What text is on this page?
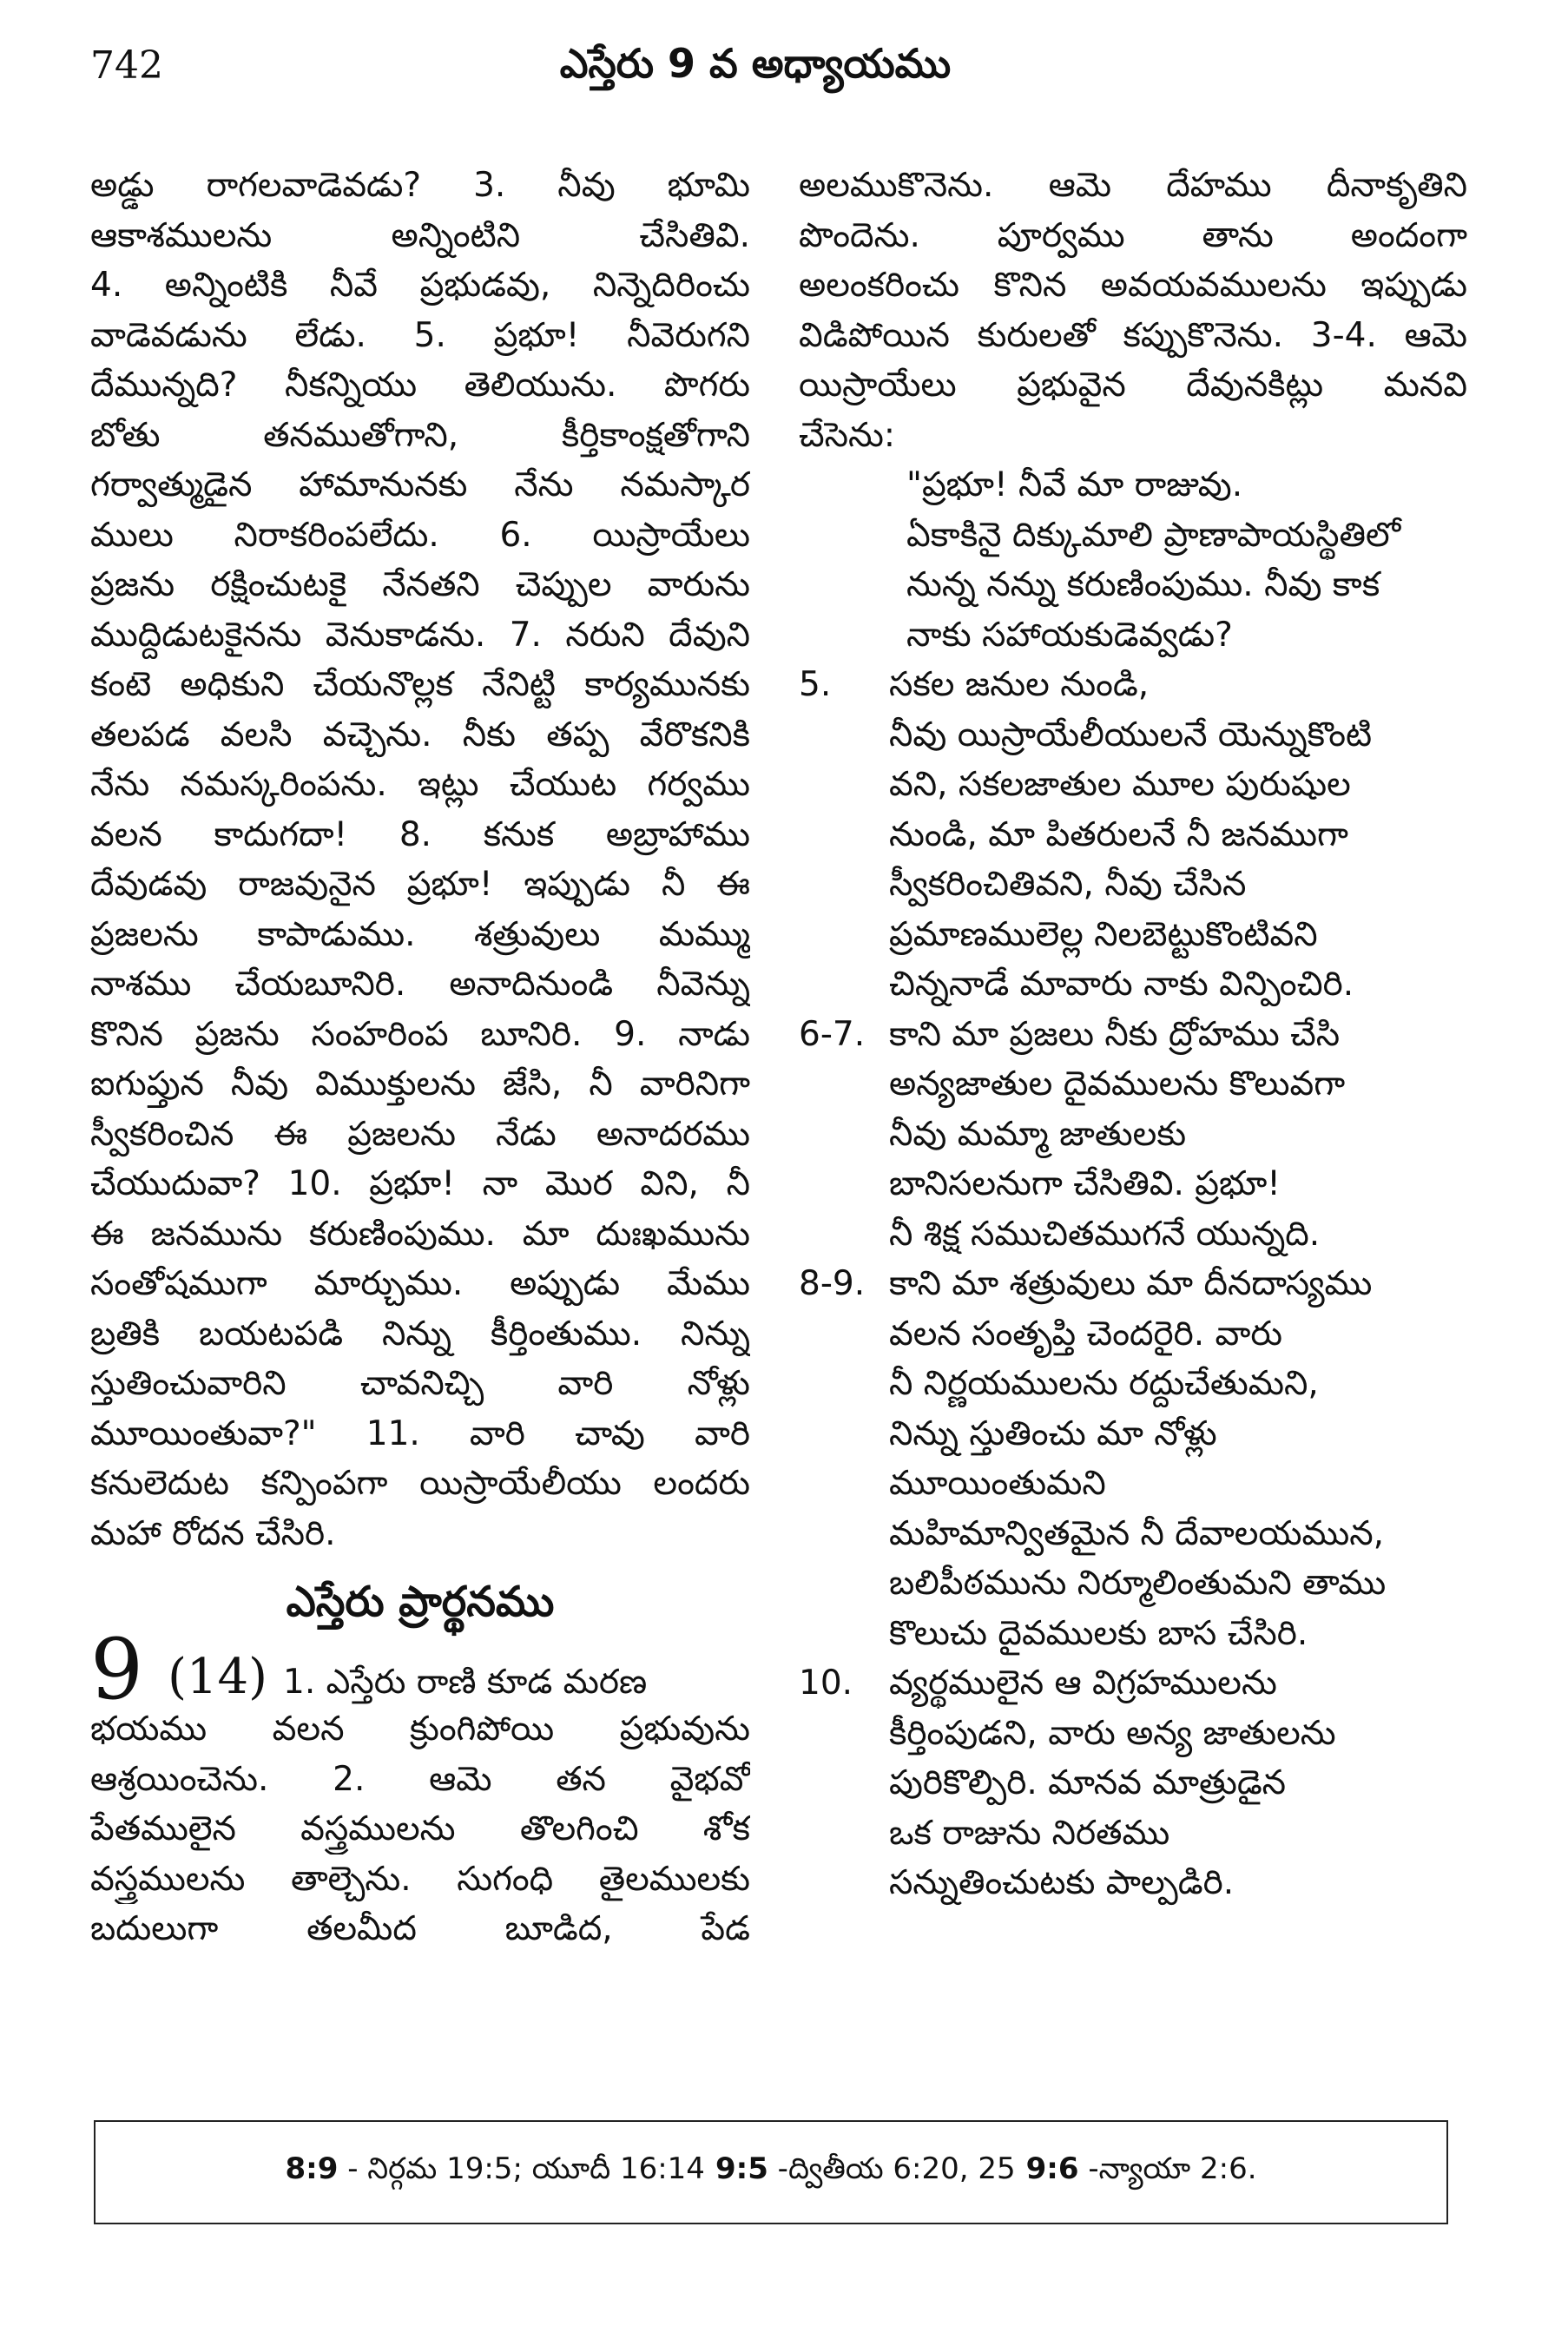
742	ఎస్తేరు 9 వ అధ్యాయము
అడ్డు రాగలవాడెవడు? 3. నీవు భూమి
ఆకాశములను అన్నింటిని చేసితివి.
4. అన్నింటికి నీవే ప్రభుడవు, నిన్నెదిరించు
వాడెవడును లేడు. 5. ప్రభూ! నీవెరుగని
దేమున్నది? నీకన్నియు తెలియును. పొగరు
బోతు తనముతోగాని, కీర్తికాంక్షతోగాని
గర్వాత్ముడైన హామానునకు నేను నమస్కార
ములు నిరాకరింపలేదు. 6. యిస్రాయేలు
ప్రజను రక్షించుటకై నేనతని చెప్పుల వారును
ముద్దిడుటకైనను వెనుకాడను. 7. నరుని దేవుని
కంటె అధికుని చేయనొల్లక నేనిట్టి కార్యమునకు
తలపడ వలసి వచ్చెను. నీకు తప్ప వేరొకనికి
నేను నమస్కరింపను. ఇట్లు చేయుట గర్వము
వలన కాదుగదా! 8. కనుక అబ్రాహాము
దేవుడవు రాజవునైన ప్రభూ! ఇప్పుడు నీ ఈ
ప్రజలను కాపాడుము. శత్రువులు మమ్ము
నాశము చేయబూనిరి. అనాదినుండి నీవెన్ను
కొనిన ప్రజను సంహరింప బూనిరి. 9. నాడు
ఐగుప్తున నీవు విముక్తులను జేసి, నీ వారినిగా
స్వీకరించిన ఈ ప్రజలను నేడు అనాదరము
చేయుదువా? 10. ప్రభూ! నా మొర విని, నీ
ఈ జనమును కరుణింపుము. మా దుఃఖమును
సంతోషముగా మార్చుము. అప్పుడు మేము
బ్రతికి బయటపడి నిన్ను కీర్తింతుము. నిన్ను
స్తుతించువారిని చావనిచ్చి వారి నోళ్లు
మూయింతువా?" 11. వారి చావు వారి
కనులెదుట కన్పింపగా యిస్రాయేలీయు లందరు
మహా రోదన చేసిరి.
ఎస్తేరు ప్రార్థనము
9 (14) 1. ఎస్తేరు రాణి కూడ మరణ
భయము వలన క్రుంగిపోయి ప్రభువును
ఆశ్రయించెను. 2. ఆమె తన వైభవో
పేతములైన వస్త్రములను తొలగించి శోక
వస్త్రములను తాల్చెను. సుగంధి తైలములకు
బదులుగా తలమీద బూడిద, పేడ
అలముకొనెను. ఆమె దేహము దీనాకృతిని
పొందెను. పూర్వము తాను అందంగా
అలంకరించు కొనిన అవయవములను ఇప్పుడు
విడిపోయిన కురులతో కప్పుకొనెను. 3-4. ఆమె
యిస్రాయేలు ప్రభువైన దేవునకిట్లు మనవి
చేసెను:
"ప్రభూ! నీవే మా రాజువు.
ఏకాకినై దిక్కుమాలి ప్రాణాపాయస్థితిలో
నున్న నన్ను కరుణింపుము. నీవు కాక
నాకు సహాయకుడెవ్వడు?
5. సకల జనుల నుండి,
నీవు యిస్రాయేలీయులనే యెన్నుకొంటి
వని, సకలజాతుల మూల పురుషుల
నుండి, మా పితరులనే నీ జనముగా
స్వీకరించితివని, నీవు చేసిన
ప్రమాణములెల్ల నిలబెట్టుకొంటివని
చిన్ననాడే మావారు నాకు విన్పించిరి.
6-7. కాని మా ప్రజలు నీకు ద్రోహము చేసి
అన్యజాతుల దైవములను కొలువగా
నీవు మమ్మా జాతులకు
బానిసలనుగా చేసితివి. ప్రభూ!
నీ శిక్ష సముచితముగనే యున్నది.
8-9. కాని మా శత్రువులు మా దీనదాస్యము
వలన సంతృప్తి చెందరైరి. వారు
నీ నిర్ణయములను రద్దుచేతుమని,
నిన్ను స్తుతించు మా నోళ్లు
మూయింతుమని
మహిమాన్వితమైన నీ దేవాలయమున,
బలిపీఠమును నిర్మూలింతుమని తాము
కొలుచు దైవములకు బాస చేసిరి.
10. వ్యర్థములైన ఆ విగ్రహములను
కీర్తింపుడని, వారు అన్య జాతులను
పురికొల్పిరి. మానవ మాత్రుడైన
ఒక రాజును నిరతము
సన్నుతించుటకు పాల్పడిరి.
8:9 - నిర్గమ 19:5; యూదీ 16:14 9:5 -ద్వితీయ 6:20, 25 9:6 -న్యాయా 2:6.
